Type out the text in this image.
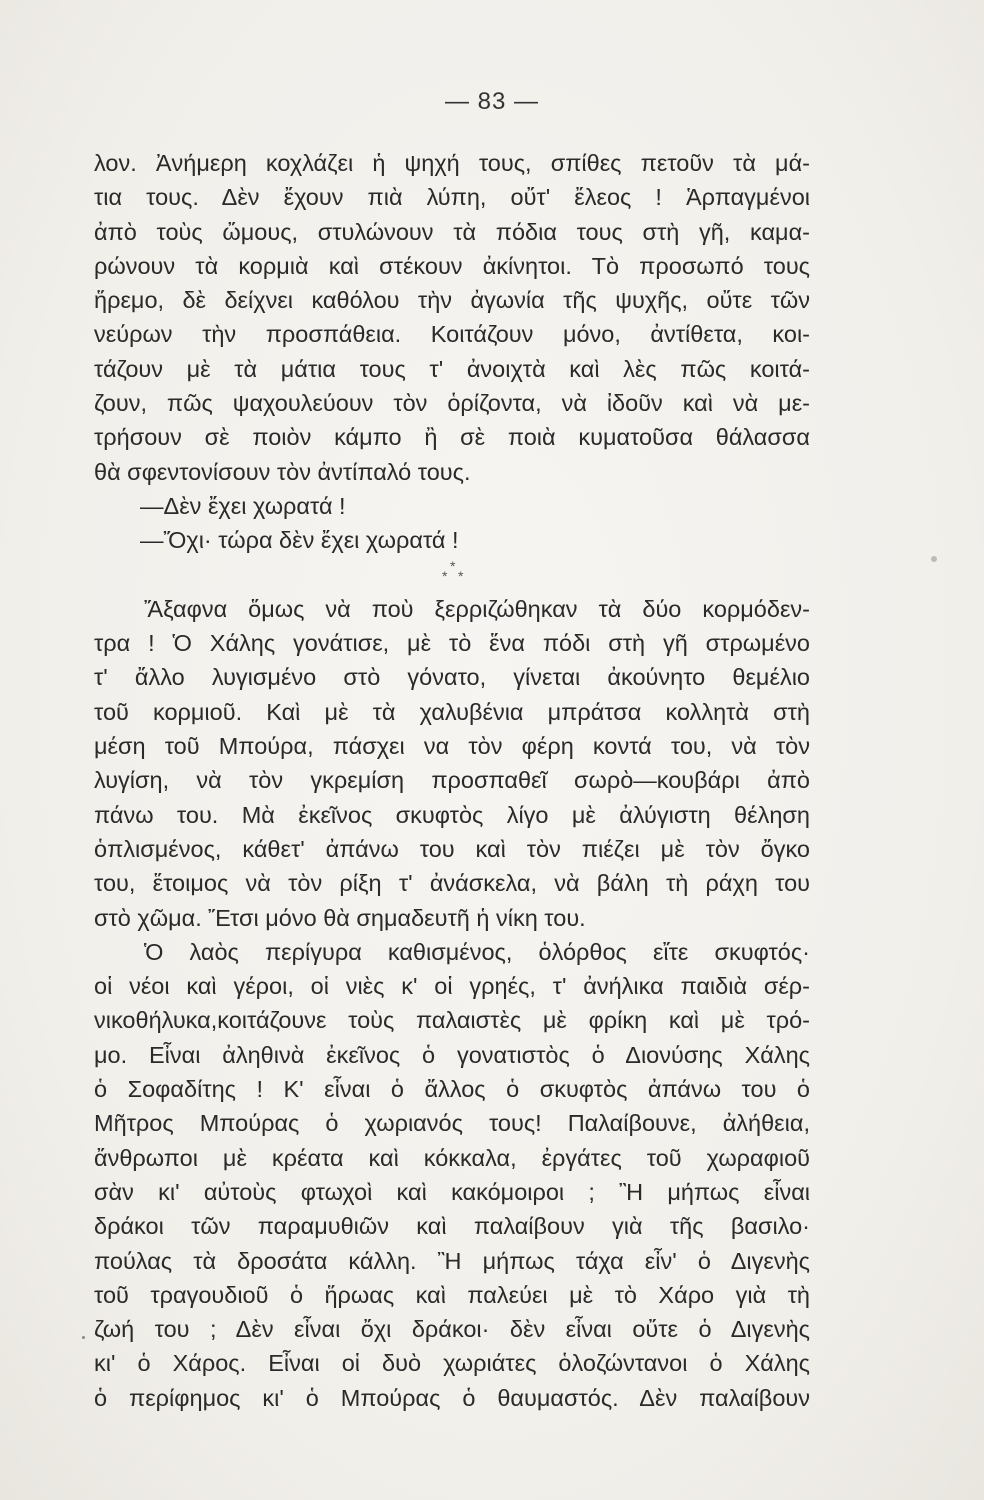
— 83 —
λον. Ἀνήμερη κοχλάζει ἡ ψηχή τους, σπίθες πετοῦν τὰ μά-
τια τους. Δὲν ἔχουν πιὰ λύπη, οὔτ' ἔλεος ! Ἁρπαγμένοι
ἀπὸ τοὺς ὤμους, στυλώνουν τὰ πόδια τους στὴ γῆ, καμα-
ρώνουν τὰ κορμιὰ καὶ στέκουν ἀκίνητοι. Τὸ προσωπό τους
ἥρεμο, δὲ δείχνει καθόλου τὴν ἀγωνία τῆς ψυχῆς, οὔτε τῶν
νεύρων τὴν προσπάθεια. Κοιτάζουν μόνο, ἀντίθετα, κοι-
τάζουν μὲ τὰ μάτια τους τ' ἀνοιχτὰ καὶ λὲς πῶς κοιτά-
ζουν, πῶς ψαχουλεύουν τὸν ὁρίζοντα, νὰ ἰδοῦν καὶ νὰ με-
τρήσουν σὲ ποιὸν κάμπο ἢ σὲ ποιὰ κυματοῦσα θάλασσα
θὰ σφεντονίσουν τὸν ἀντίπαλό τους.
—Δὲν ἔχει χωρατά !
—Ὄχι· τώρα δὲν ἔχει χωρατά !
*
* *
Ἄξαφνα ὅμως νὰ ποὺ ξερριζώθηκαν τὰ δύο κορμόδεν-
τρα ! Ὁ Χάλης γονάτισε, μὲ τὸ ἕνα πόδι στὴ γῆ στρωμένο
τ' ἄλλο λυγισμένο στὸ γόνατο, γίνεται ἀκούνητο θεμέλιο
τοῦ κορμιοῦ. Καὶ μὲ τὰ χαλυβένια μπράτσα κολλητὰ στὴ
μέση τοῦ Μπούρα, πάσχει να τὸν φέρη κοντά του, νὰ τὸν
λυγίση, νὰ τὸν γκρεμίση προσπαθεῖ σωρὸ—κουβάρι ἀπὸ
πάνω του. Μὰ ἐκεῖνος σκυφτὸς λίγο μὲ ἀλύγιστη θέληση
ὁπλισμένος, κάθετ' ἀπάνω του καὶ τὸν πιέζει μὲ τὸν ὄγκο
του, ἕτοιμος νὰ τὸν ρίξη τ' ἀνάσκελα, νὰ βάλη τὴ ράχη του
στὸ χῶμα. Ἔτσι μόνο θὰ σημαδευτῆ ἡ νίκη του.
Ὁ λαὸς περίγυρα καθισμένος, ὁλόρθος εἴτε σκυφτός·
οἱ νέοι καὶ γέροι, οἱ νιὲς κ' οἱ γρηές, τ' ἀνήλικα παιδιὰ σέρ-
νικοθήλυκα,κοιτάζουνε τοὺς παλαιστὲς μὲ φρίκη καὶ μὲ τρό-
μο. Εἶναι ἀληθινὰ ἐκεῖνος ὁ γονατιστὸς ὁ Διονύσης Χάλης
ὁ Σοφαδίτης ! Κ' εἶναι ὁ ἄλλος ὁ σκυφτὸς ἀπάνω του ὁ
Μῆτρος Μπούρας ὁ χωριανός τους! Παλαίβουνε, ἀλήθεια,
ἄνθρωποι μὲ κρέατα καὶ κόκκαλα, ἐργάτες τοῦ χωραφιοῦ
σὰν κι' αὐτοὺς φτωχοὶ καὶ κακόμοιροι ; Ἢ μήπως εἶναι
δράκοι τῶν παραμυθιῶν καὶ παλαίβουν γιὰ τῆς βασιλο·
πούλας τὰ δροσάτα κάλλη. Ἢ μήπως τάχα εἶν' ὁ Διγενὴς
τοῦ τραγουδιοῦ ὁ ἥρωας καὶ παλεύει μὲ τὸ Χάρο γιὰ τὴ
ζωή του ; Δὲν εἶναι ὄχι δράκοι· δὲν εἶναι οὔτε ὁ Διγενὴς
κι' ὁ Χάρος. Εἶναι οἱ δυὸ χωριάτες ὁλοζώντανοι ὁ Χάλης
ὁ περίφημος κι' ὁ Μπούρας ὁ θαυμαστός. Δὲν παλαίβουν
